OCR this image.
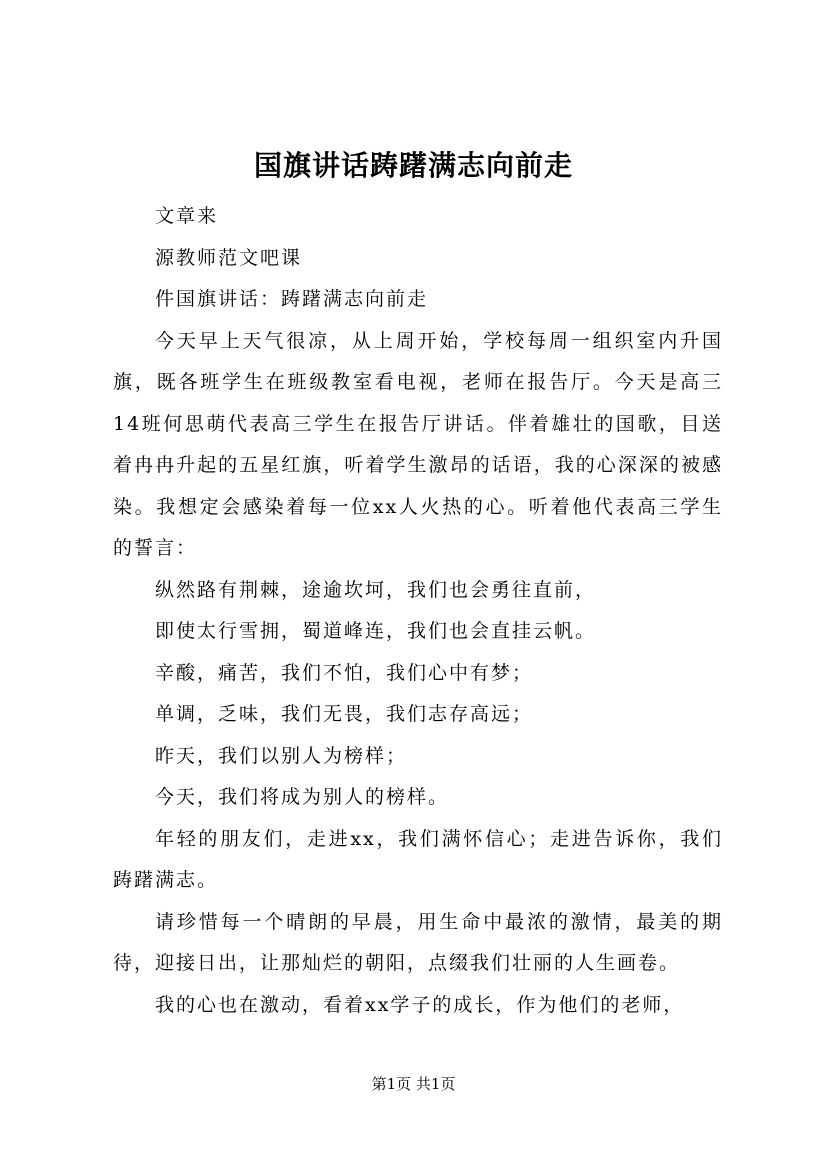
国旗讲话踌躇满志向前走

文章来

源教师范文吧课

件国旗讲话：踌躇满志向前走

今天早上天气很凉，从上周开始，学校每周一组织室内升国旗，既各班学生在班级教室看电视，老师在报告厅。今天是高三14班何思萌代表高三学生在报告厅讲话。伴着雄壮的国歌，目送着冉冉升起的五星红旗，听着学生激昂的话语，我的心深深的被感染。我想定会感染着每一位xx人火热的心。听着他代表高三学生的誓言：

纵然路有荆棘，途逾坎坷，我们也会勇往直前，

即使太行雪拥，蜀道峰连，我们也会直挂云帆。

辛酸，痛苦，我们不怕，我们心中有梦；

单调，乏味，我们无畏，我们志存高远；

昨天，我们以别人为榜样；

今天，我们将成为别人的榜样。

年轻的朋友们，走进xx，我们满怀信心；走进告诉你，我们踌躇满志。

请珍惜每一个晴朗的早晨，用生命中最浓的激情，最美的期待，迎接日出，让那灿烂的朝阳，点缀我们壮丽的人生画卷。

我的心也在激动，看着xx学子的成长，作为他们的老师，

第1页 共1页
